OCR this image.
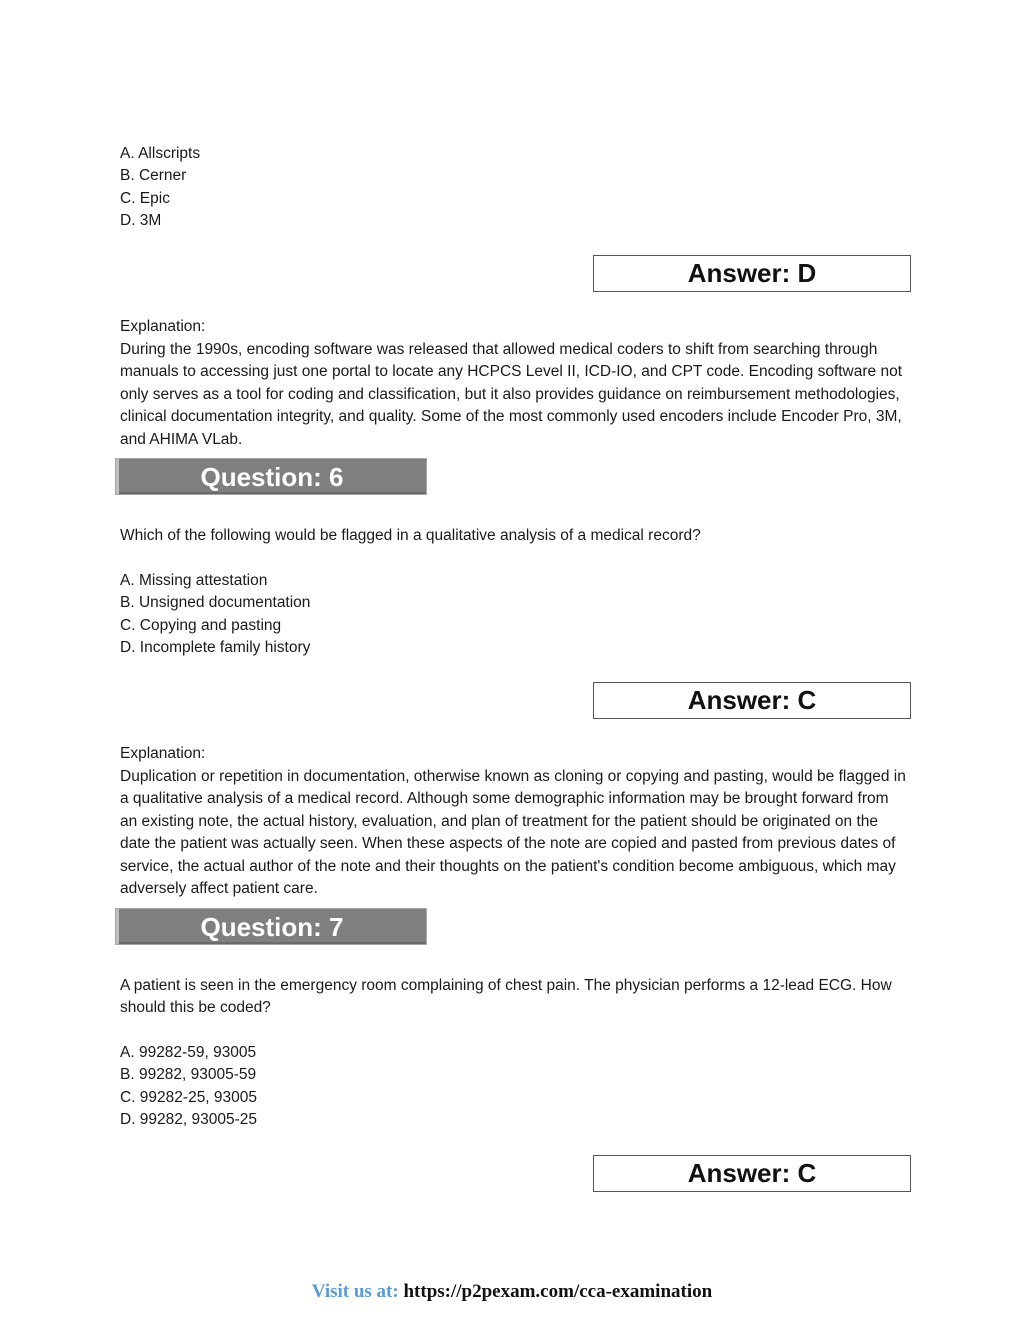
A. Allscripts
B. Cerner
C. Epic
D. 3M
Answer: D
Explanation:

During the 1990s, encoding software was released that allowed medical coders to shift from searching through manuals to accessing just one portal to locate any HCPCS Level II, ICD-IO, and CPT code. Encoding software not only serves as a tool for coding and classification, but it also provides guidance on reimbursement methodologies, clinical documentation integrity, and quality. Some of the most commonly used encoders include Encoder Pro, 3M, and AHIMA VLab.

Question: 6

Which of the following would be flagged in a qualitative analysis of a medical record?

A. Missing attestation
B. Unsigned documentation
C. Copying and pasting
D. Incomplete family history
Answer: C
Explanation:

Duplication or repetition in documentation, otherwise known as cloning or copying and pasting, would be flagged in a qualitative analysis of a medical record. Although some demographic information may be brought forward from an existing note, the actual history, evaluation, and plan of treatment for the patient should be originated on the date the patient was actually seen. When these aspects of the note are copied and pasted from previous dates of service, the actual author of the note and their thoughts on the patient's condition become ambiguous, which may adversely affect patient care.

Question: 7

A patient is seen in the emergency room complaining of chest pain. The physician performs a 12-lead ECG. How should this be coded?

A. 99282-59, 93005
B. 99282, 93005-59
C. 99282-25, 93005
D. 99282, 93005-25
Answer: C
Visit us at: https://p2pexam.com/cca-examination
